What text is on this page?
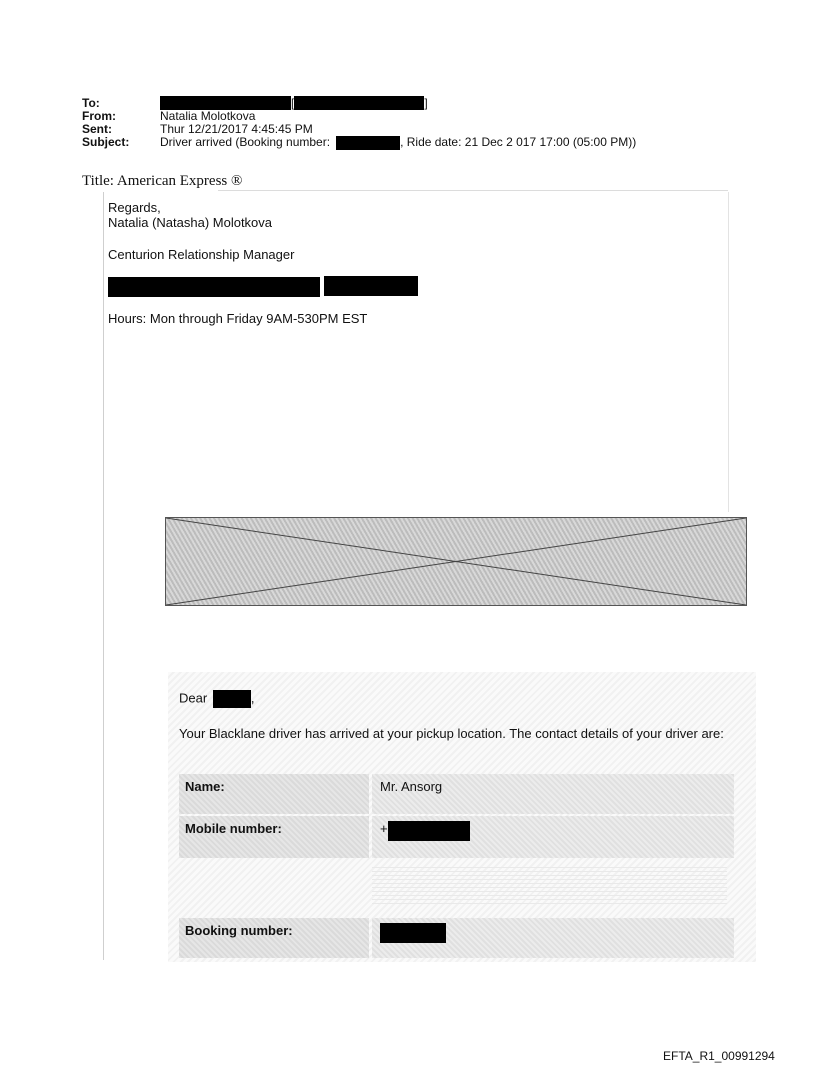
To:	[	]
From:	Natalia Molotkova
Sent:	Thur 12/21/2017 4:45:45 PM
Subject:	Driver arrived (Booking number:	, Ride date: 21 Dec 2 017 17:00 (05:00 PM))
Title: American Express ®

Regards,

Natalia (Natasha) Molotkova

Centurion Relationship Manager

Hours: Mon through Friday 9AM-530PM EST

Dear	,
Your Blacklane driver has arrived at your pickup location. The contact details of your driver are:
Name:	Mr. Ansorg
Mobile number:	+
Booking number:
EFTA_R1_00991294
